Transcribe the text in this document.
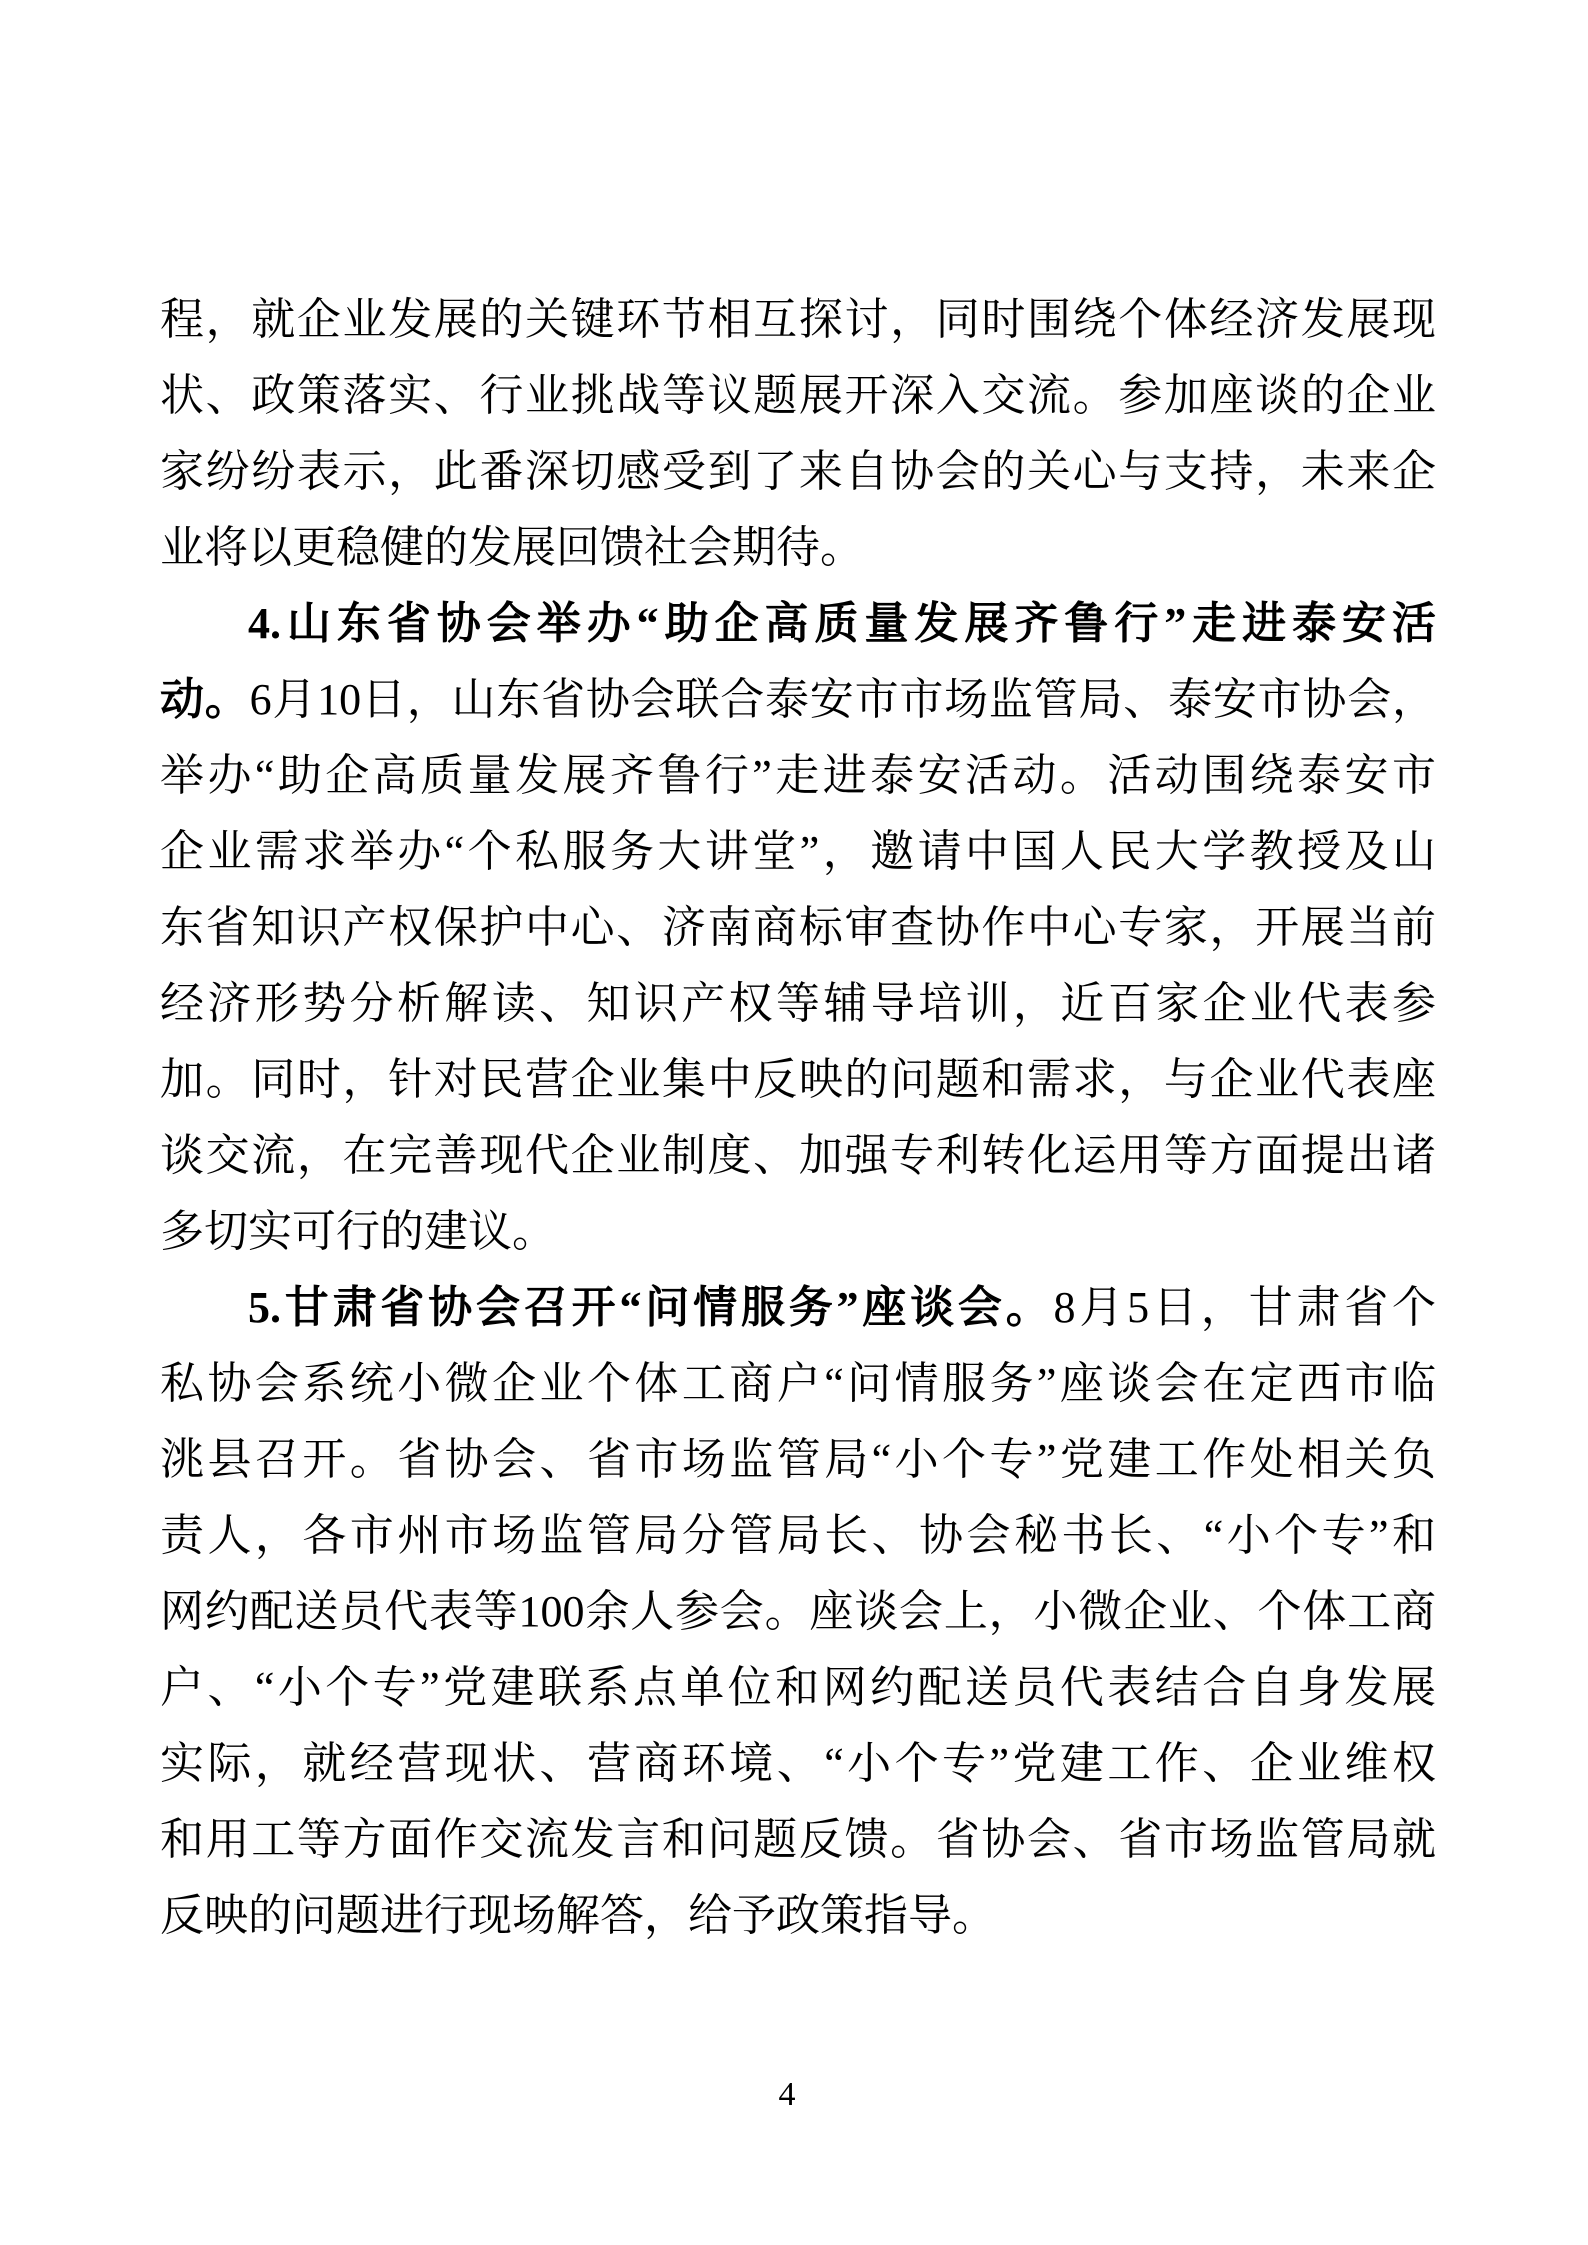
程，就企业发展的关键环节相互探讨，同时围绕个体经济发展现

状、政策落实、行业挑战等议题展开深入交流。参加座谈的企业

家纷纷表示，此番深切感受到了来自协会的关心与支持，未来企

业将以更稳健的发展回馈社会期待。

4.山东省协会举办“助企高质量发展齐鲁行”走进泰安活

动。6月10日，山东省协会联合泰安市市场监管局、泰安市协会，

举办“助企高质量发展齐鲁行”走进泰安活动。活动围绕泰安市

企业需求举办“个私服务大讲堂”，邀请中国人民大学教授及山

东省知识产权保护中心、济南商标审查协作中心专家，开展当前

经济形势分析解读、知识产权等辅导培训，近百家企业代表参

加。同时，针对民营企业集中反映的问题和需求，与企业代表座

谈交流，在完善现代企业制度、加强专利转化运用等方面提出诸

多切实可行的建议。

5.甘肃省协会召开“问情服务”座谈会。8月5日，甘肃省个

私协会系统小微企业个体工商户“问情服务”座谈会在定西市临

洮县召开。省协会、省市场监管局“小个专”党建工作处相关负

责人，各市州市场监管局分管局长、协会秘书长、“小个专”和

网约配送员代表等100余人参会。座谈会上，小微企业、个体工商

户、“小个专”党建联系点单位和网约配送员代表结合自身发展

实际，就经营现状、营商环境、“小个专”党建工作、企业维权

和用工等方面作交流发言和问题反馈。省协会、省市场监管局就

反映的问题进行现场解答，给予政策指导。

4
